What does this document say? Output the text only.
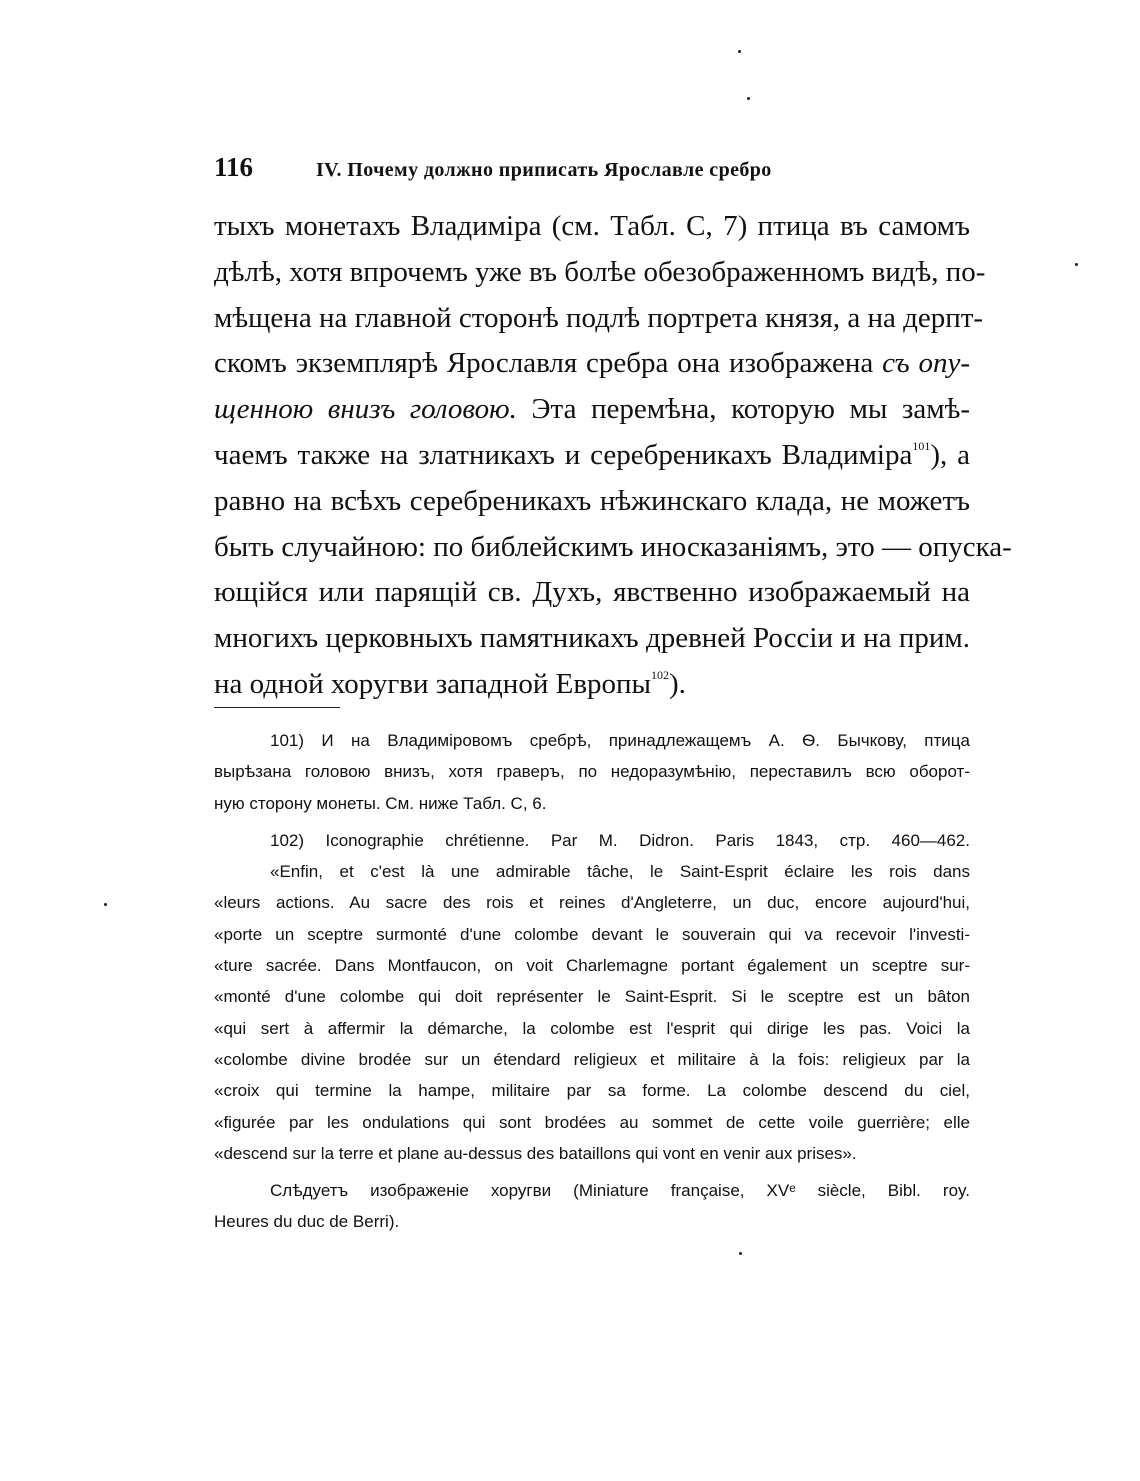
116	IV. Почему должно приписать Ярославле сребро
тыхъ монетахъ Владиміра (см. Табл. С, 7) птица въ самомъ
дѣлѣ, хотя впрочемъ уже въ болѣе обезображенномъ видѣ, по-
мѣщена на главной сторонѣ подлѣ портрета князя, а на дерпт-
скомъ экземплярѣ Ярославля сребра она изображена съ опу-
щенною внизъ головою. Эта перемѣна, которую мы замѣ-
чаемъ также на златникахъ и серебреникахъ Владиміра$^{101}$), а
равно на всѣхъ серебреникахъ нѣжинскаго клада, не можетъ
быть случайною: по библейскимъ иносказаніямъ, это — опуска-
ющійся или парящій св. Духъ, явственно изображаемый на
многихъ церковныхъ памятникахъ древней Россіи и на прим.
на одной хоругви западной Европы$^{102}$).
101) И на Владиміровомъ сребрѣ, принадлежащемъ А. Ѳ. Бычкову, птица
вырѣзана головою внизъ, хотя граверъ, по недоразумѣнію, переставилъ всю оборот-
ную сторону монеты. См. ниже Табл. С, 6.
102) Iconographie chrétienne. Par M. Didron. Paris 1843, стр. 460—462.
«Enfin, et c'est là une admirable tâche, le Saint-Esprit éclaire les rois dans
«leurs actions. Au sacre des rois et reines d'Angleterre, un duc, encore aujourd'hui,
«porte un sceptre surmonté d'une colombe devant le souverain qui va recevoir l'investi-
«ture sacrée. Dans Montfaucon, on voit Charlemagne portant également un sceptre sur-
«monté d'une colombe qui doit représenter le Saint-Esprit. Si le sceptre est un bâton
«qui sert à affermir la démarche, la colombe est l'esprit qui dirige les pas. Voici la
«colombe divine brodée sur un étendard religieux et militaire à la fois: religieux par la
«croix qui termine la hampe, militaire par sa forme. La colombe descend du ciel,
«figurée par les ondulations qui sont brodées au sommet de cette voile guerrière; elle
«descend sur la terre et plane au-dessus des bataillons qui vont en venir aux prises».
Слѣдуетъ изображеніе хоругви (Miniature française, XVᵉ siècle, Bibl. roy.
Heures du duc de Berri).
